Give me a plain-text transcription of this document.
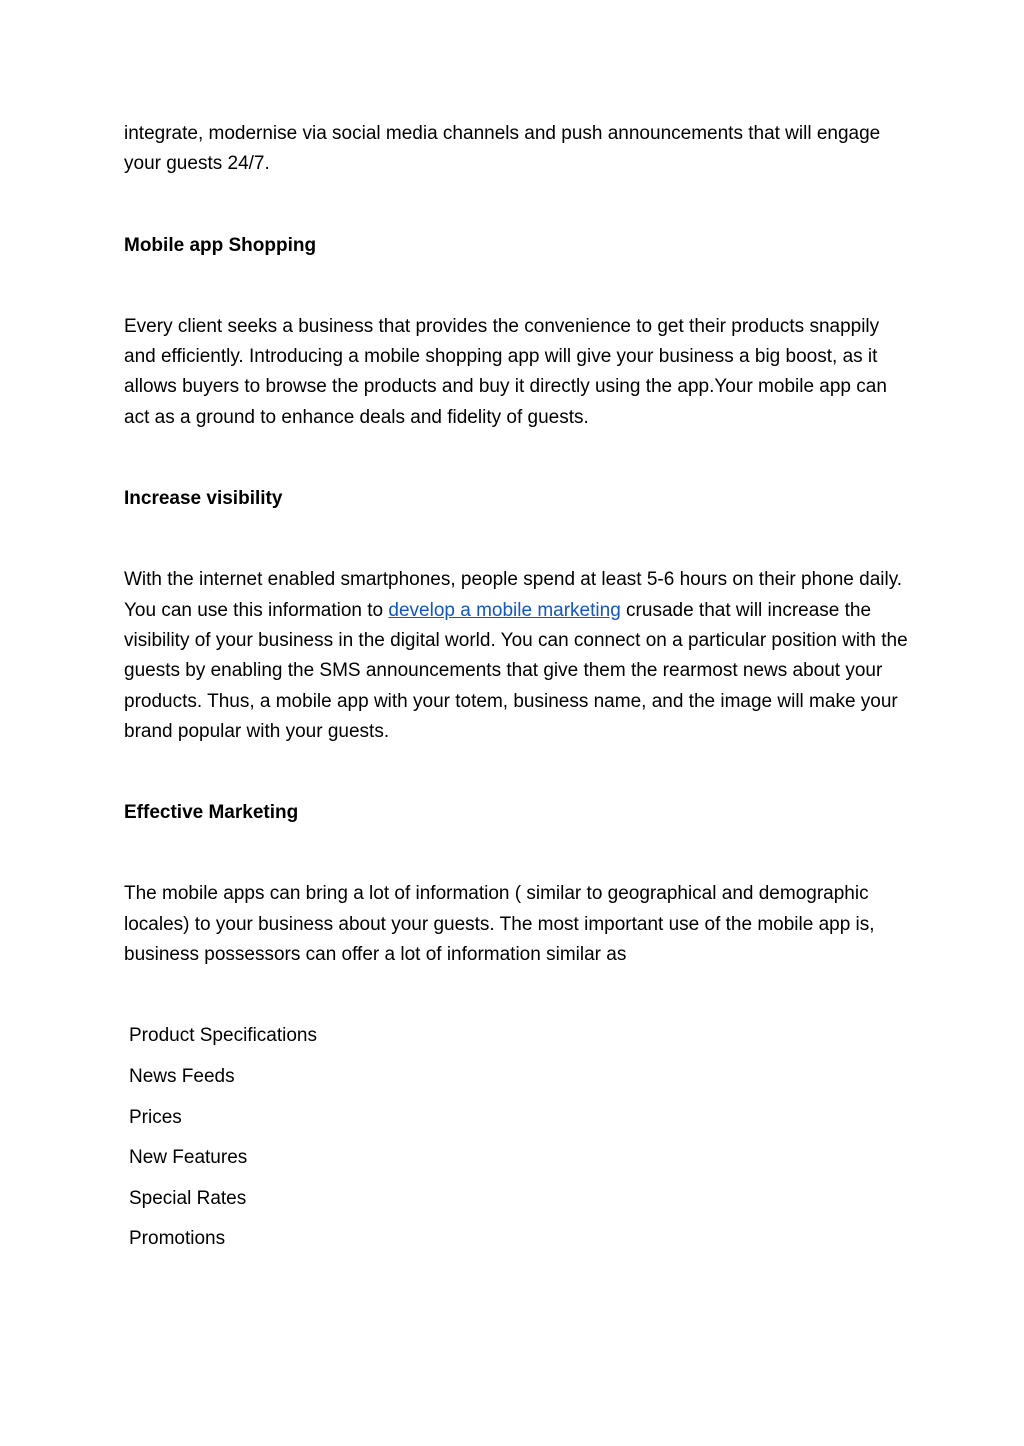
integrate, modernise via social media channels and push announcements that will engage your guests 24/7.

Mobile app Shopping

Every client seeks a business that provides the convenience to get their products snappily and efficiently. Introducing a mobile shopping app will give your business a big boost, as it allows buyers to browse the products and buy it directly using the app.Your mobile app can act as a ground to enhance deals and fidelity of guests.

Increase visibility

With the internet enabled smartphones, people spend at least 5-6 hours on their phone daily. You can use this information to develop a mobile marketing crusade that will increase the visibility of your business in the digital world. You can connect on a particular position with the guests by enabling the SMS announcements that give them the rearmost news about your products. Thus, a mobile app with your totem, business name, and the image will make your brand popular with your guests.

Effective Marketing

The mobile apps can bring a lot of information ( similar to geographical and demographic locales) to your business about your guests. The most important use of the mobile app is, business possessors can offer a lot of information similar as

Product Specifications
News Feeds
Prices
New Features
Special Rates
Promotions
